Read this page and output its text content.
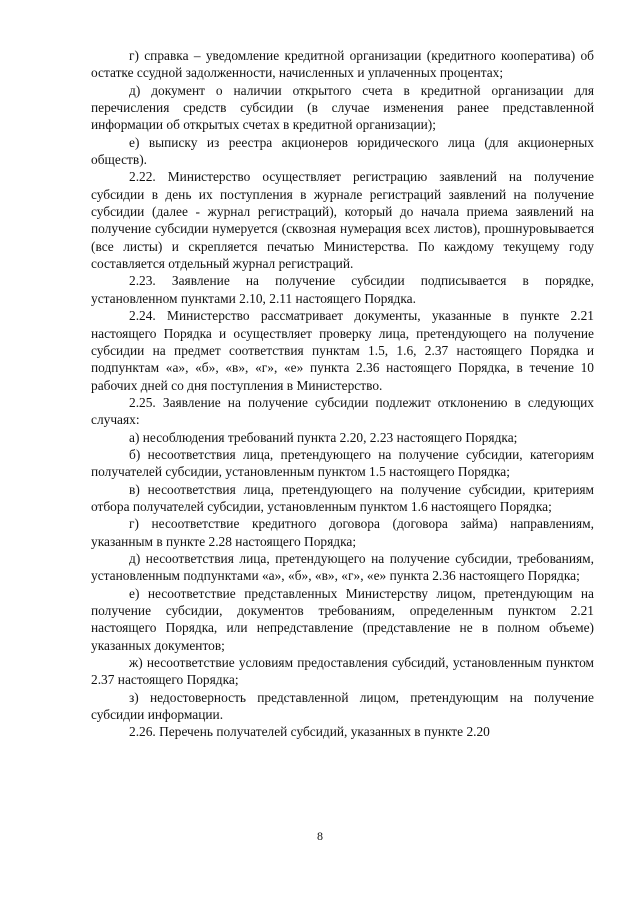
г) справка – уведомление кредитной организации (кредитного кооператива) об остатке ссудной задолженности, начисленных и уплаченных процентах;

д) документ о наличии открытого счета в кредитной организации для перечисления средств субсидии (в случае изменения ранее представленной информации об открытых счетах в кредитной организации);

е) выписку из реестра акционеров юридического лица (для акционерных обществ).

2.22. Министерство осуществляет регистрацию заявлений на получение субсидии в день их поступления в журнале регистраций заявлений на получение субсидии (далее - журнал регистраций), который до начала приема заявлений на получение субсидии нумеруется (сквозная нумерация всех листов), прошнуровывается (все листы) и скрепляется печатью Министерства. По каждому текущему году составляется отдельный журнал регистраций.

2.23. Заявление на получение субсидии подписывается в порядке, установленном пунктами 2.10, 2.11 настоящего Порядка.

2.24. Министерство рассматривает документы, указанные в пункте 2.21 настоящего Порядка и осуществляет проверку лица, претендующего на получение субсидии на предмет соответствия пунктам 1.5, 1.6, 2.37 настоящего Порядка и подпунктам «а», «б», «в», «г», «е» пункта 2.36 настоящего Порядка, в течение 10 рабочих дней со дня поступления в Министерство.

2.25. Заявление на получение субсидии подлежит отклонению в следующих случаях:

а) несоблюдения требований пункта 2.20, 2.23 настоящего Порядка;

б) несоответствия лица, претендующего на получение субсидии, категориям получателей субсидии, установленным пунктом 1.5 настоящего Порядка;

в) несоответствия лица, претендующего на получение субсидии, критериям отбора получателей субсидии, установленным пунктом 1.6 настоящего Порядка;

г) несоответствие кредитного договора (договора займа) направлениям, указанным в пункте 2.28 настоящего Порядка;

д) несоответствия лица, претендующего на получение субсидии, требованиям, установленным подпунктами «а», «б», «в», «г», «е» пункта 2.36 настоящего Порядка;

е) несоответствие представленных Министерству лицом, претендующим на получение субсидии, документов требованиям, определенным пунктом 2.21 настоящего Порядка, или непредставление (представление не в полном объеме) указанных документов;

ж) несоответствие условиям предоставления субсидий, установленным пунктом 2.37 настоящего Порядка;

з) недостоверность представленной лицом, претендующим на получение субсидии информации.

2.26. Перечень получателей субсидий, указанных в пункте 2.20

8
